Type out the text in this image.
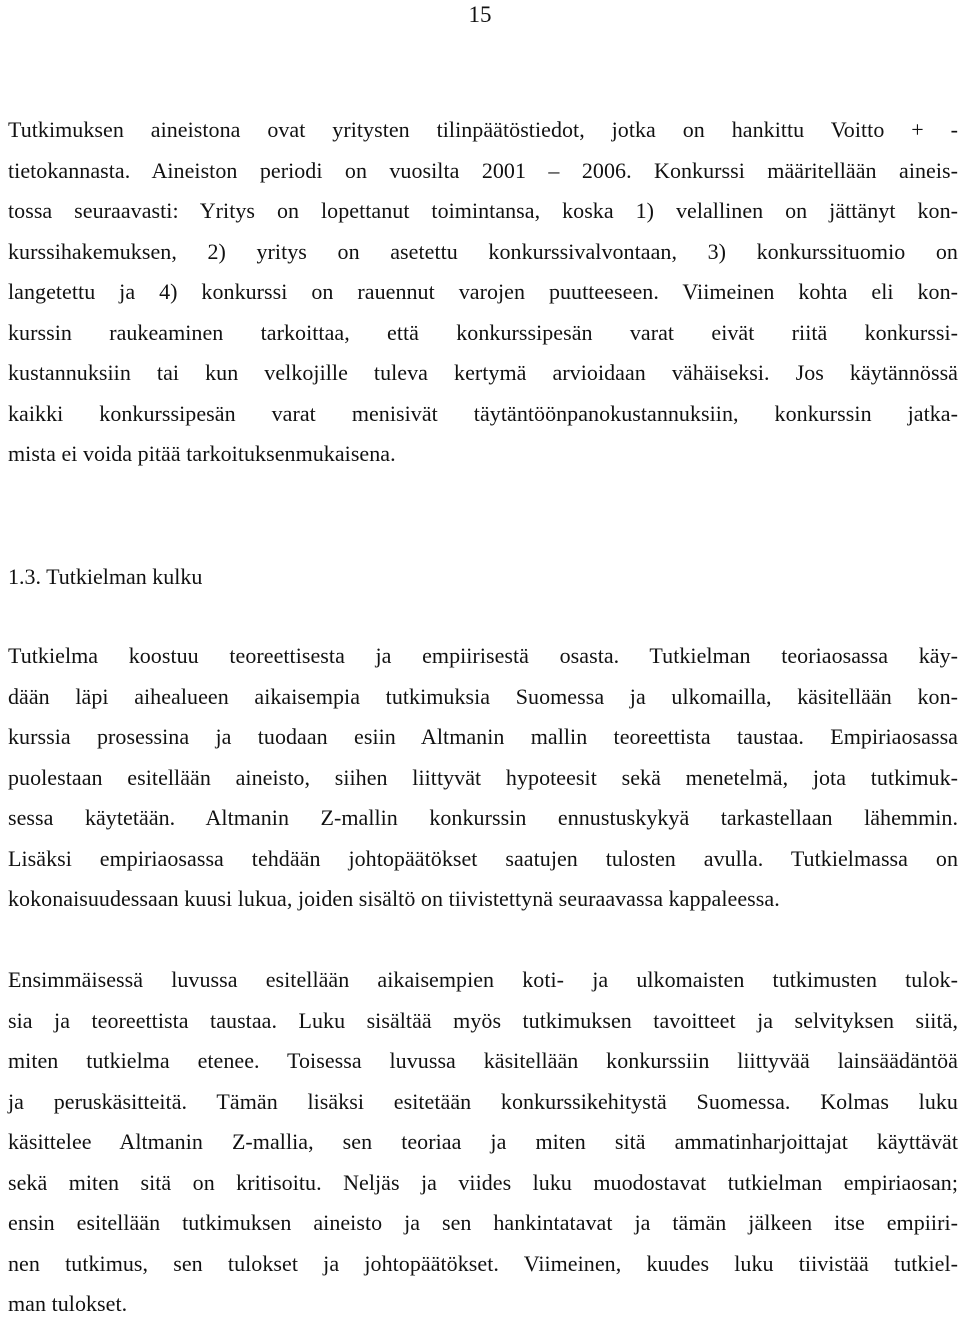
15

Tutkimuksen aineistona ovat yritysten tilinpäätöstiedot, jotka on hankittu Voitto + -
tietokannasta. Aineiston periodi on vuosilta 2001 – 2006. Konkurssi määritellään aineis-
tossa seuraavasti: Yritys on lopettanut toimintansa, koska 1) velallinen on jättänyt kon-
kurssihakemuksen, 2) yritys on asetettu konkurssivalvontaan, 3) konkurssituomio on
langetettu ja 4) konkurssi on rauennut varojen puutteeseen. Viimeinen kohta eli kon-
kurssin raukeaminen tarkoittaa, että konkurssipesän varat eivät riitä konkurssi-
kustannuksiin tai kun velkojille tuleva kertymä arvioidaan vähäiseksi. Jos käytännössä
kaikki konkurssipesän varat menisivät täytäntöönpanokustannuksiin, konkurssin jatka-
mista ei voida pitää tarkoituksenmukaisena.

1.3. Tutkielman kulku

Tutkielma koostuu teoreettisesta ja empiirisestä osasta. Tutkielman teoriaosassa käy-
dään läpi aihealueen aikaisempia tutkimuksia Suomessa ja ulkomailla, käsitellään kon-
kurssia prosessina ja tuodaan esiin Altmanin mallin teoreettista taustaa. Empiriaosassa
puolestaan esitellään aineisto, siihen liittyvät hypoteesit sekä menetelmä, jota tutkimuk-
sessa käytetään. Altmanin Z-mallin konkurssin ennustuskykyä tarkastellaan lähemmin.
Lisäksi empiriaosassa tehdään johtopäätökset saatujen tulosten avulla. Tutkielmassa on
kokonaisuudessaan kuusi lukua, joiden sisältö on tiivistettynä seuraavassa kappaleessa.

Ensimmäisessä luvussa esitellään aikaisempien koti- ja ulkomaisten tutkimusten tulok-
sia ja teoreettista taustaa. Luku sisältää myös tutkimuksen tavoitteet ja selvityksen siitä,
miten tutkielma etenee. Toisessa luvussa käsitellään konkurssiin liittyvää lainsäädäntöä
ja peruskäsitteitä. Tämän lisäksi esitetään konkurssikehitystä Suomessa. Kolmas luku
käsittelee Altmanin Z-mallia, sen teoriaa ja miten sitä ammatinharjoittajat käyttävät
sekä miten sitä on kritisoitu. Neljäs ja viides luku muodostavat tutkielman empiriaosan;
ensin esitellään tutkimuksen aineisto ja sen hankintatavat ja tämän jälkeen itse empiiri-
nen tutkimus, sen tulokset ja johtopäätökset. Viimeinen, kuudes luku tiivistää tutkiel-
man tulokset.
